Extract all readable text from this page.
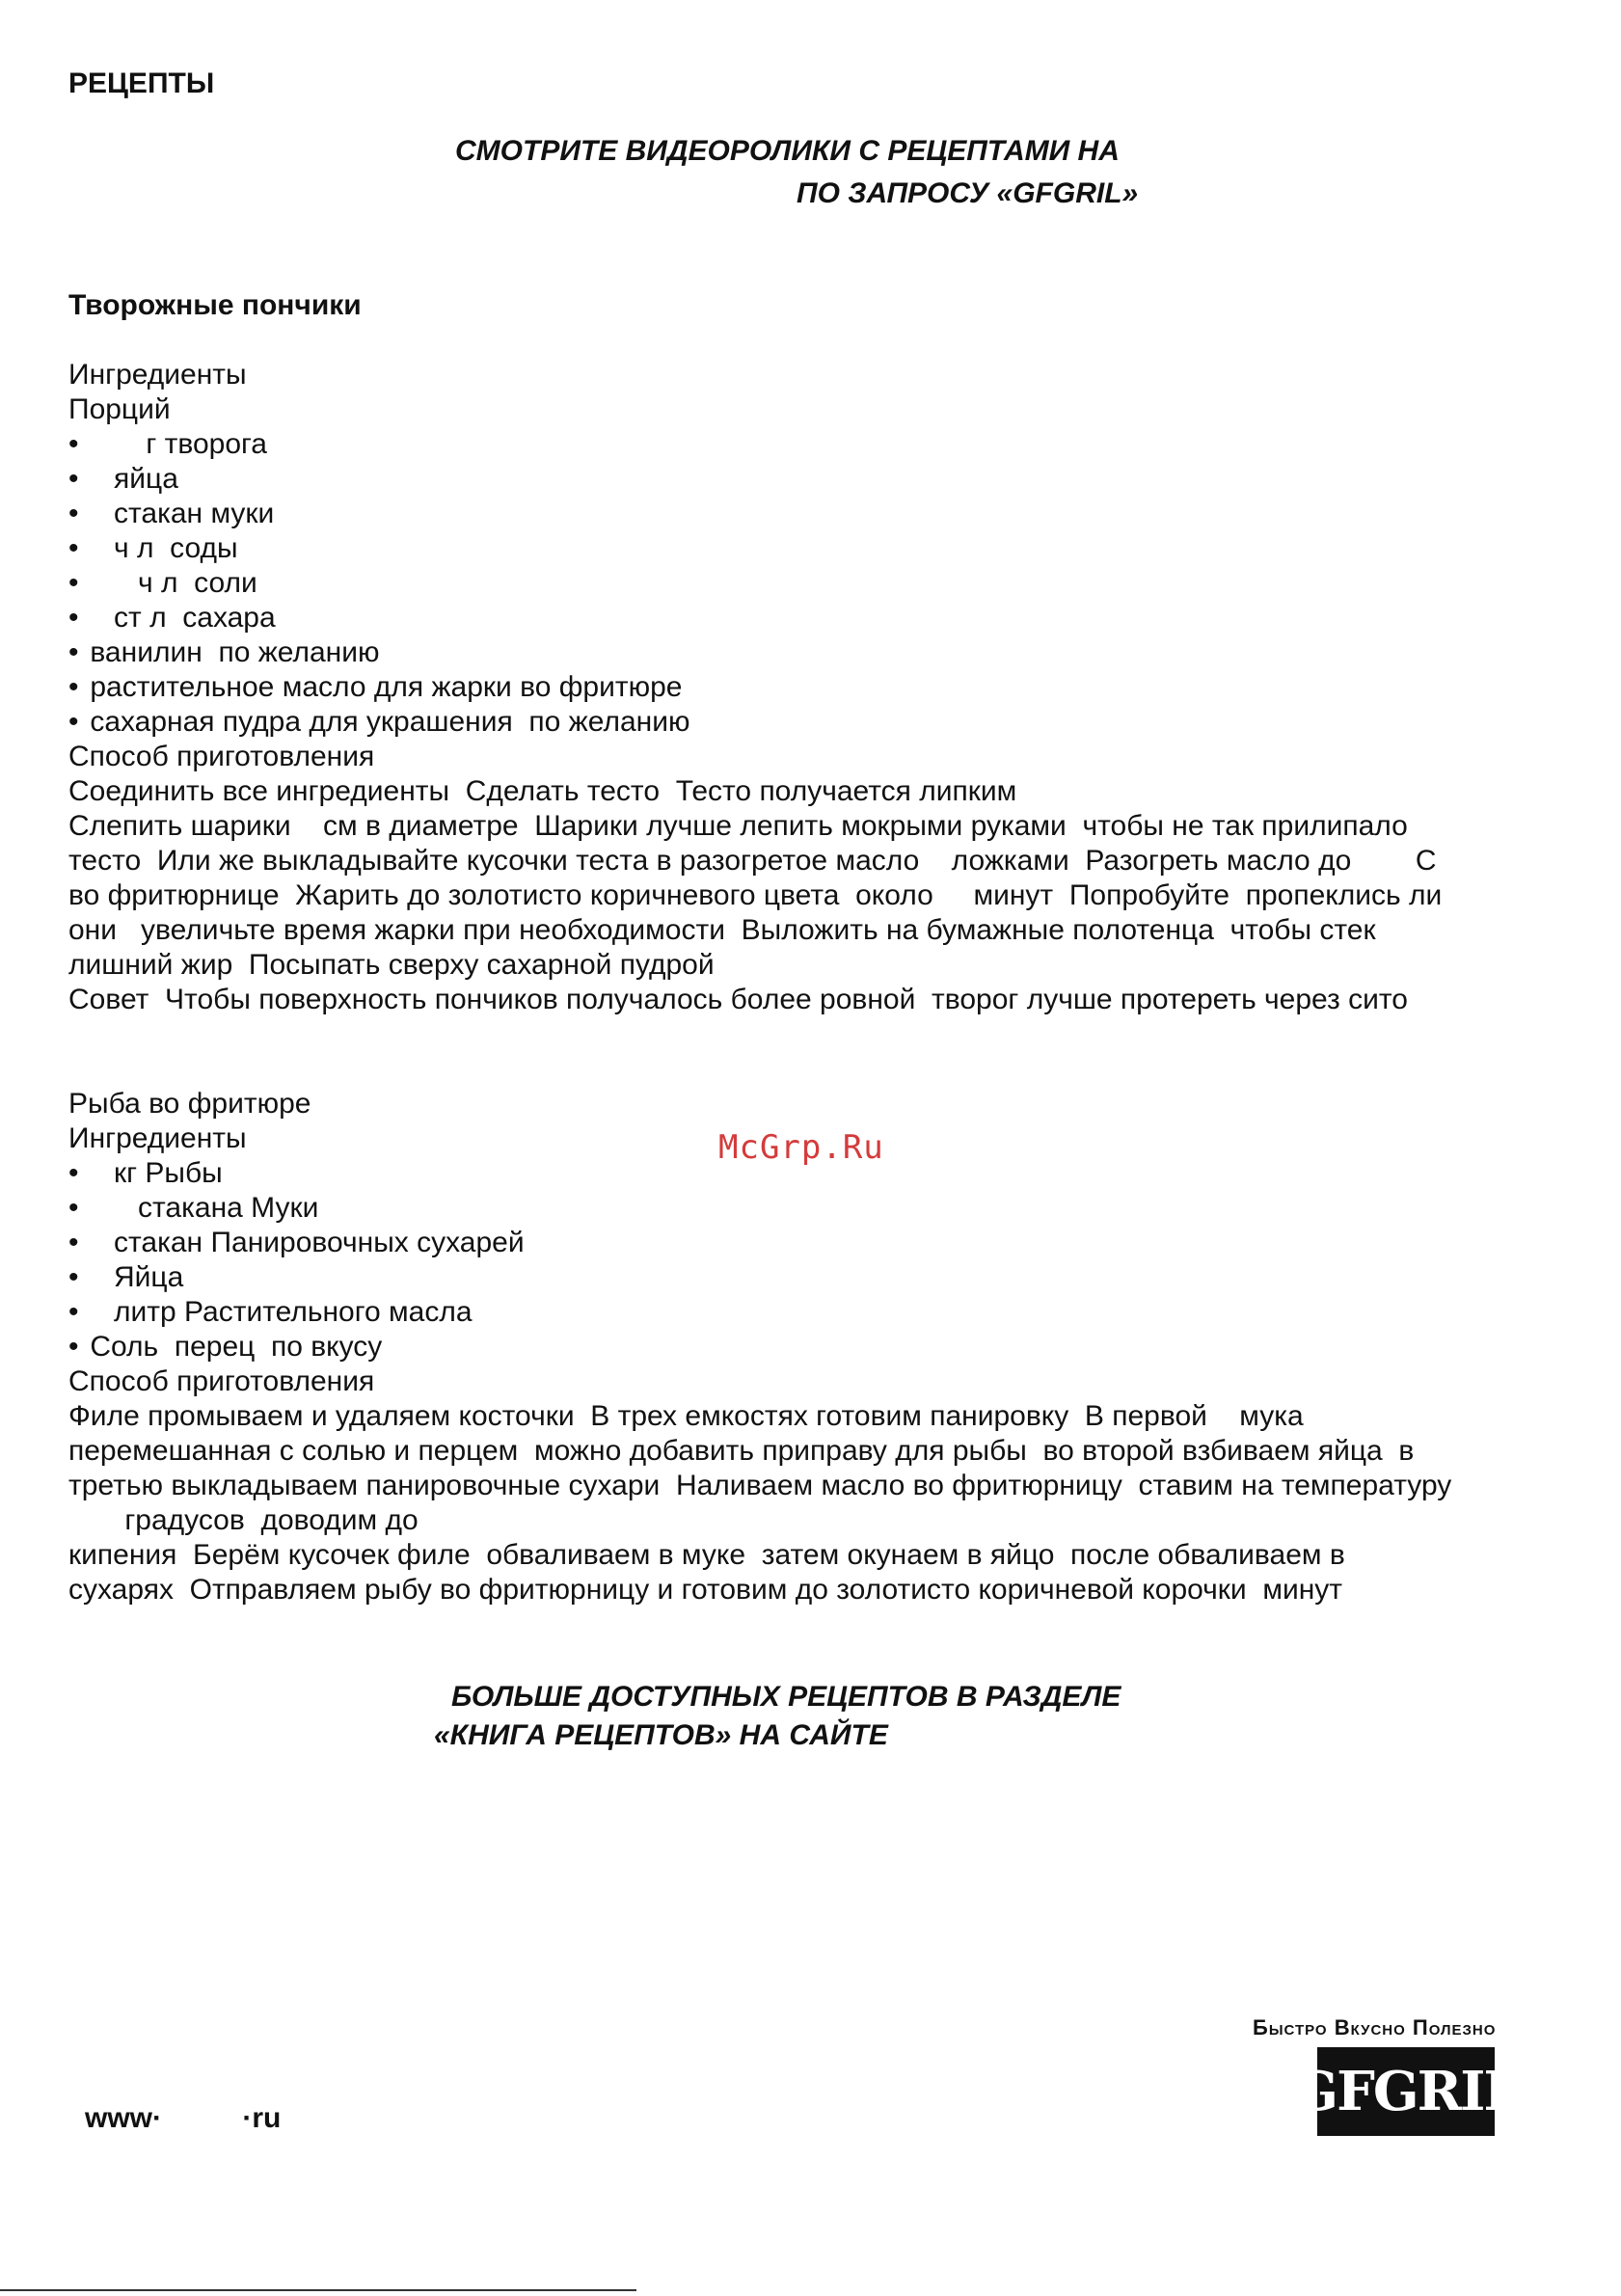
РЕЦЕПТЫ
СМОТРИТЕ ВИДЕОРОЛИКИ С РЕЦЕПТАМИ НА
ПО ЗАПРОСУ «GFGRIL»
Творожные пончики
Ингредиенты
Порций
• г творога
• яйца
• стакан муки
• ч л  соды
• ч л  соли
• ст л  сахара
• ванилин  по желанию
• растительное масло для жарки во фритюре
• сахарная пудра для украшения  по желанию
Способ приготовления
Соединить все ингредиенты  Сделать тесто  Тесто получается липким
Слепить шарики    см в диаметре  Шарики лучше лепить мокрыми руками  чтобы не так прилипало
тесто  Или же выкладывайте кусочки теста в разогретое масло    ложками  Разогреть масло до        С
во фритюрнице  Жарить до золотисто коричневого цвета  около     минут  Попробуйте  пропеклись ли
они   увеличьте время жарки при необходимости  Выложить на бумажные полотенца  чтобы стек
лишний жир  Посыпать сверху сахарной пудрой
Совет  Чтобы поверхность пончиков получалось более ровной  творог лучше протереть через сито
Рыба во фритюре
Ингредиенты	McGrp.Ru
• кг Рыбы
• стакана Муки
• стакан Панировочных сухарей
• Яйца
• литр Растительного масла
• Соль  перец  по вкусу
Способ приготовления
Филе промываем и удаляем косточки  В трех емкостях готовим панировку  В первой    мука
перемешанная с солью и перцем  можно добавить приправу для рыбы  во второй взбиваем яйца  в
третью выкладываем панировочные сухари  Наливаем масло во фритюрницу  ставим на температуру
градусов  доводим до
кипения  Берём кусочек филе  обваливаем в муке  затем окунаем в яйцо  после обваливаем в
сухарях  Отправляем рыбу во фритюрницу и готовим до золотисто коричневой корочки  минут
БОЛЬШЕ ДОСТУПНЫХ РЕЦЕПТОВ В РАЗДЕЛЕ
«КНИГА РЕЦЕПТОВ» НА САЙТЕ
Быстро Вкусно Полезно
GFGRIL
www·          ·ru
